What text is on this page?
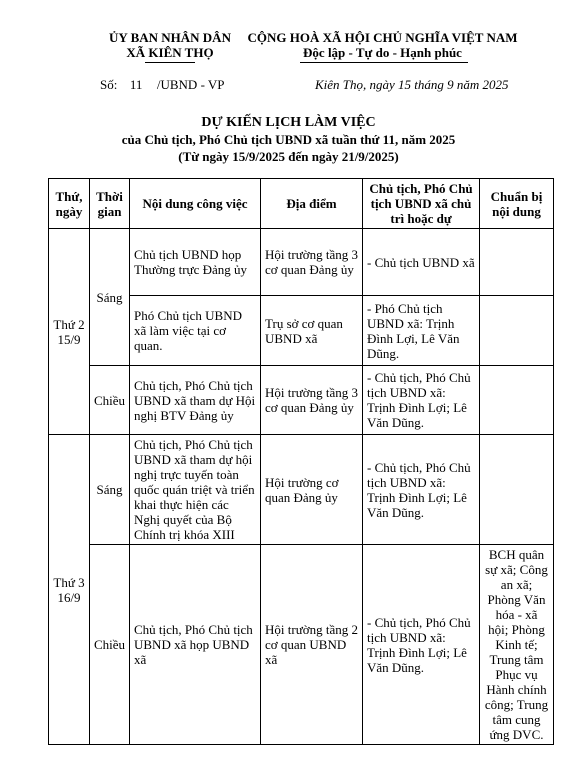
ỦY BAN NHÂN DÂN
XÃ KIÊN THỌ
CỘNG HOÀ XÃ HỘI CHỦ NGHĨA VIỆT NAM
Độc lập - Tự do - Hạnh phúc
Số: 11 /UBND - VP	Kiên Thọ, ngày 15 tháng 9 năm 2025
DỰ KIẾN LỊCH LÀM VIỆC
của Chủ tịch, Phó Chủ tịch UBND xã tuần thứ 11, năm 2025
(Từ ngày 15/9/2025 đến ngày 21/9/2025)
Thứ, ngày	Thời gian	Nội dung công việc	Địa điểm	Chủ tịch, Phó Chủ tịch UBND xã chủ trì hoặc dự	Chuẩn bị nội dung
Thứ 2 15/9	Sáng	Chủ tịch UBND họp Thường trực Đảng ủy	Hội trường tầng 3 cơ quan Đảng ủy	- Chủ tịch UBND xã	
		Phó Chủ tịch UBND xã làm việc tại cơ quan.	Trụ sở cơ quan UBND xã	- Phó Chủ tịch UBND xã: Trịnh Đình Lợi, Lê Văn Dũng.	
	Chiều	Chủ tịch, Phó Chủ tịch UBND xã tham dự Hội nghị BTV Đảng ủy	Hội trường tầng 3 cơ quan Đảng ủy	- Chủ tịch, Phó Chủ tịch UBND xã: Trịnh Đình Lợi; Lê Văn Dũng.	
Thứ 3 16/9	Sáng	Chủ tịch, Phó Chủ tịch UBND xã tham dự hội nghị trực tuyến toàn quốc quán triệt và triển khai thực hiện các Nghị quyết của Bộ Chính trị khóa XIII	Hội trường cơ quan Đảng ủy	- Chủ tịch, Phó Chủ tịch UBND xã: Trịnh Đình Lợi; Lê Văn Dũng.	
	Chiều	Chủ tịch, Phó Chủ tịch UBND xã họp UBND xã	Hội trường tầng 2 cơ quan UBND xã	- Chủ tịch, Phó Chủ tịch UBND xã: Trịnh Đình Lợi; Lê Văn Dũng.	BCH quân sự xã; Công an xã; Phòng Văn hóa - xã hội; Phòng Kinh tế; Trung tâm Phục vụ Hành chính công; Trung tâm cung ứng DVC.
